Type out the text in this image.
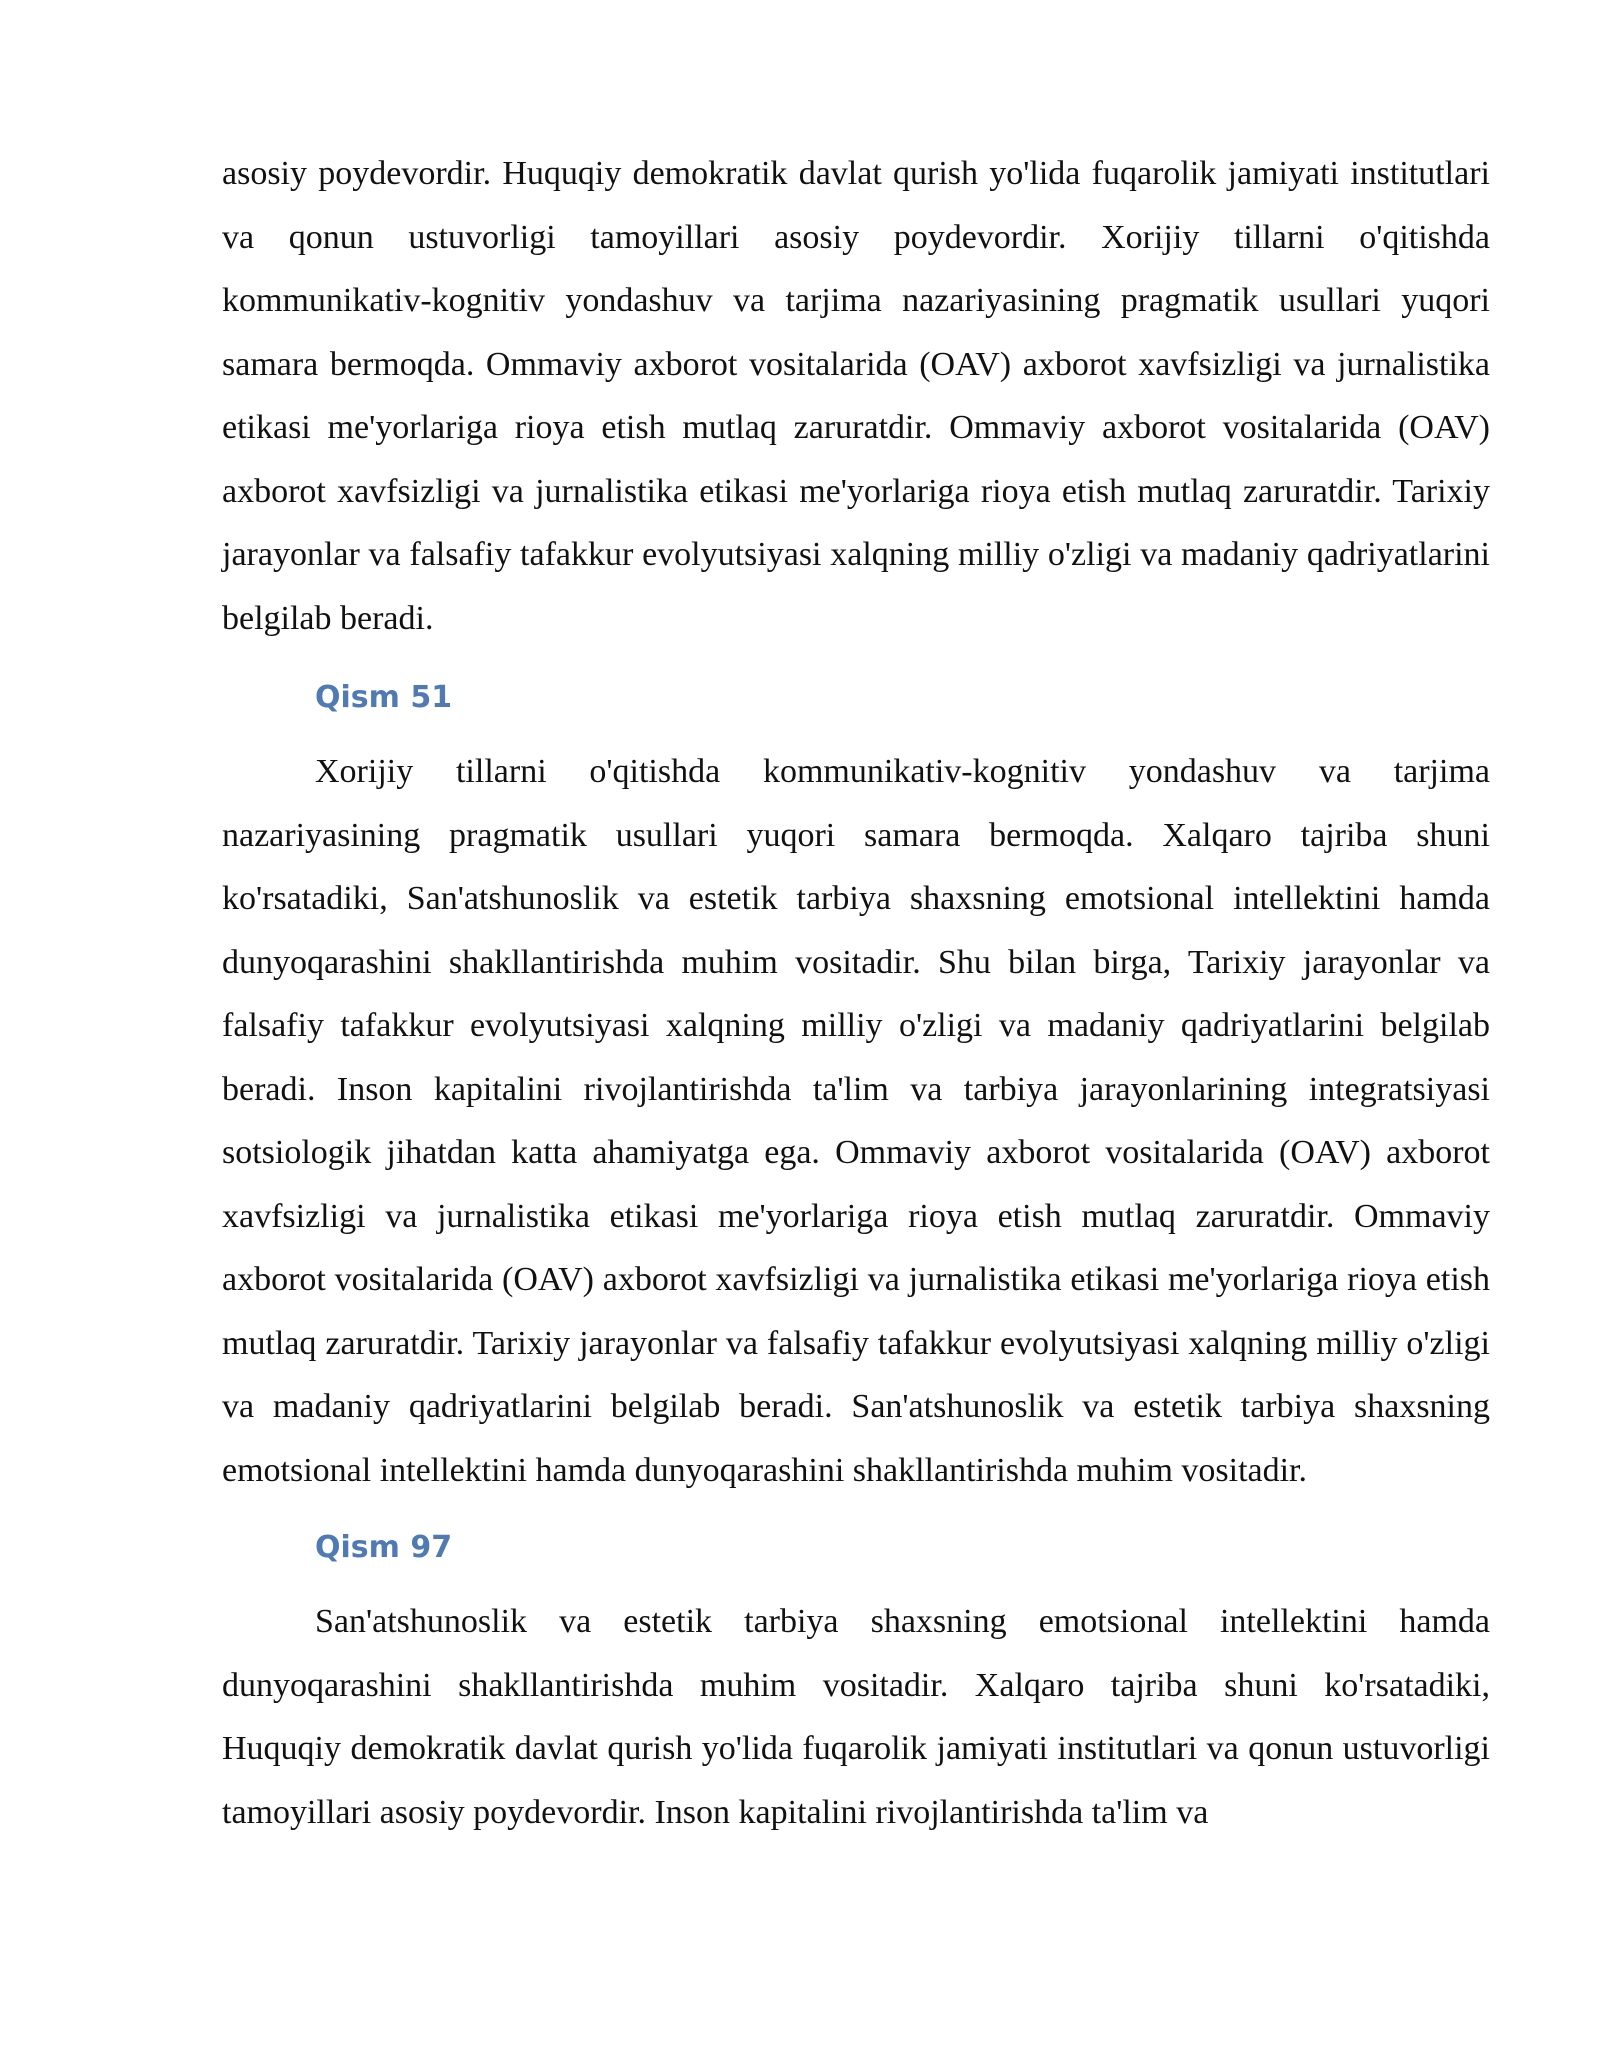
asosiy poydevordir. Huquqiy demokratik davlat qurish yo'lida fuqarolik jamiyati institutlari va qonun ustuvorligi tamoyillari asosiy poydevordir. Xorijiy tillarni o'qitishda kommunikativ-kognitiv yondashuv va tarjima nazariyasining pragmatik usullari yuqori samara bermoqda. Ommaviy axborot vositalarida (OAV) axborot xavfsizligi va jurnalistika etikasi me'yorlariga rioya etish mutlaq zaruratdir. Ommaviy axborot vositalarida (OAV) axborot xavfsizligi va jurnalistika etikasi me'yorlariga rioya etish mutlaq zaruratdir. Tarixiy jarayonlar va falsafiy tafakkur evolyutsiyasi xalqning milliy o'zligi va madaniy qadriyatlarini belgilab beradi.

Qism 51

Xorijiy tillarni o'qitishda kommunikativ-kognitiv yondashuv va tarjima nazariyasining pragmatik usullari yuqori samara bermoqda. Xalqaro tajriba shuni ko'rsatadiki, San'atshunoslik va estetik tarbiya shaxsning emotsional intellektini hamda dunyoqarashini shakllantirishda muhim vositadir. Shu bilan birga, Tarixiy jarayonlar va falsafiy tafakkur evolyutsiyasi xalqning milliy o'zligi va madaniy qadriyatlarini belgilab beradi. Inson kapitalini rivojlantirishda ta'lim va tarbiya jarayonlarining integratsiyasi sotsiologik jihatdan katta ahamiyatga ega. Ommaviy axborot vositalarida (OAV) axborot xavfsizligi va jurnalistika etikasi me'yorlariga rioya etish mutlaq zaruratdir. Ommaviy axborot vositalarida (OAV) axborot xavfsizligi va jurnalistika etikasi me'yorlariga rioya etish mutlaq zaruratdir. Tarixiy jarayonlar va falsafiy tafakkur evolyutsiyasi xalqning milliy o'zligi va madaniy qadriyatlarini belgilab beradi. San'atshunoslik va estetik tarbiya shaxsning emotsional intellektini hamda dunyoqarashini shakllantirishda muhim vositadir.

Qism 97

San'atshunoslik va estetik tarbiya shaxsning emotsional intellektini hamda dunyoqarashini shakllantirishda muhim vositadir. Xalqaro tajriba shuni ko'rsatadiki, Huquqiy demokratik davlat qurish yo'lida fuqarolik jamiyati institutlari va qonun ustuvorligi tamoyillari asosiy poydevordir. Inson kapitalini rivojlantirishda ta'lim va
